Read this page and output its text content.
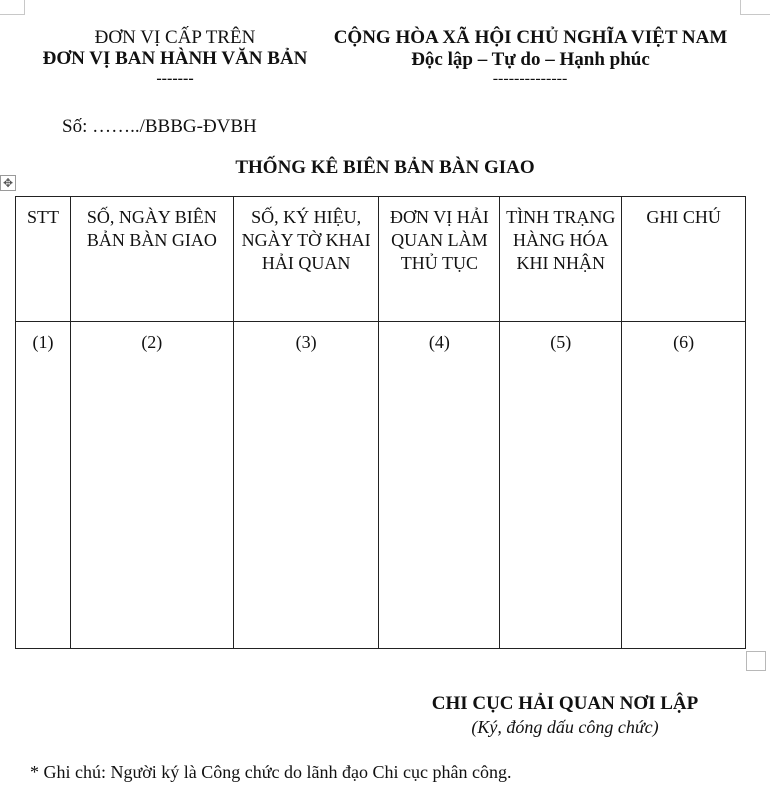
ĐƠN VỊ CẤP TRÊN
ĐƠN VỊ BAN HÀNH VĂN BẢN
-------
CỘNG HÒA XÃ HỘI CHỦ NGHĨA VIỆT NAM
Độc lập – Tự do – Hạnh phúc
--------------
Số: ……../BBBG-ĐVBH
THỐNG KÊ BIÊN BẢN BÀN GIAO
✥
STT	SỐ, NGÀY BIÊN BẢN BÀN GIAO	SỐ, KÝ HIỆU, NGÀY TỜ KHAI HẢI QUAN	ĐƠN VỊ HẢI QUAN LÀM THỦ TỤC	TÌNH TRẠNG HÀNG HÓA KHI NHẬN	GHI CHÚ
(1)	(2)	(3)	(4)	(5)	(6)
CHI CỤC HẢI QUAN NƠI LẬP
(Ký, đóng dấu công chức)
* Ghi chú: Người ký là Công chức do lãnh đạo Chi cục phân công.
